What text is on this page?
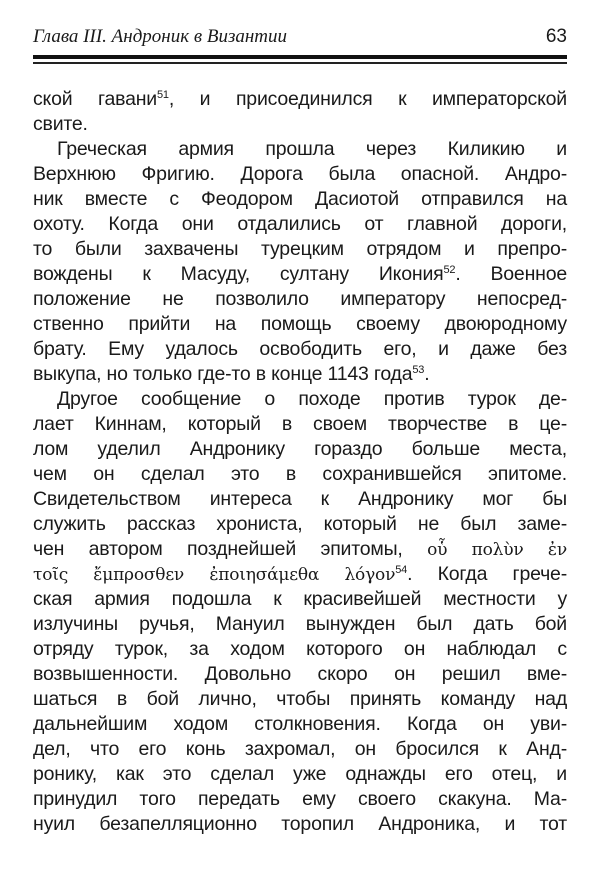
Глава III. Андроник в Византии	63
ской гавани$^{51}$, и присоединился к императорской
свите.
Греческая армия прошла через Киликию и
Верхнюю Фригию. Дорога была опасной. Андро-
ник вместе с Феодором Дасиотой отправился на
охоту. Когда они отдалились от главной дороги,
то были захвачены турецким отрядом и препро-
вождены к Масуду, султану Икония$^{52}$. Военное
положение не позволило императору непосред-
ственно прийти на помощь своему двоюродному
брату. Ему удалось освободить его, и даже без
выкупа, но только где-то в конце 1143 года$^{53}$.
Другое сообщение о походе против турок де-
лает Киннам, который в своем творчестве в це-
лом уделил Андронику гораздо больше места,
чем он сделал это в сохранившейся эпитоме.
Свидетельством интереса к Андронику мог бы
служить рассказ хрониста, который не был заме-
чен автором позднейшей эпитомы, οὗ πολὺν ἐν
τοῖς ἔμπροσθεν ἐποιησάμεθα λόγον$^{54}$. Когда грече-
ская армия подошла к красивейшей местности у
излучины ручья, Мануил вынужден был дать бой
отряду турок, за ходом которого он наблюдал с
возвышенности. Довольно скоро он решил вме-
шаться в бой лично, чтобы принять команду над
дальнейшим ходом столкновения. Когда он уви-
дел, что его конь захромал, он бросился к Анд-
ронику, как это сделал уже однажды его отец, и
принудил того передать ему своего скакуна. Ма-
нуил безапелляционно торопил Андроника, и тот
